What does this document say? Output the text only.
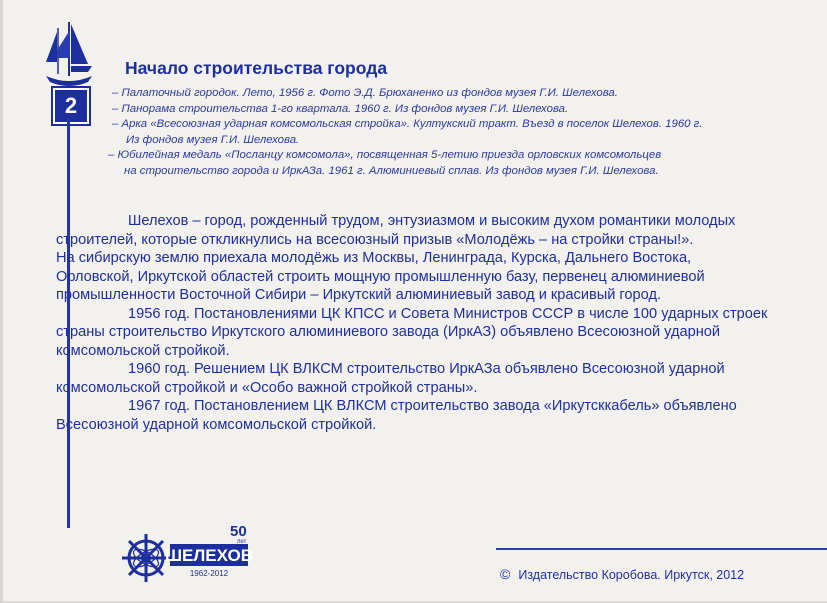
2
Начало строительства города
– Палаточный городок. Лето, 1956 г. Фото Э.Д. Брюханенко из фондов музея Г.И. Шелехова.
– Панорама строительства 1-го квартала. 1960 г. Из фондов музея Г.И. Шелехова.
– Арка «Всесоюзная ударная комсомольская стройка». Култукский тракт. Въезд в поселок Шелехов. 1960 г.
Из фондов музея Г.И. Шелехова.
– Юбилейная медаль «Посланцу комсомола», посвященная 5-летию приезда орловских комсомольцев
на строительство города и ИркАЗа. 1961 г. Алюминиевый сплав. Из фондов музея Г.И. Шелехова.

Шелехов – город, рожденный трудом, энтузиазмом и высоким духом романтики молодых
строителей, которые откликнулись на всесоюзный призыв «Молодёжь – на стройки страны!».
На сибирскую землю приехала молодёжь из Москвы, Ленинграда, Курска, Дальнего Востока,
Орловской, Иркутской областей строить мощную промышленную базу, первенец алюминиевой
промышленности Восточной Сибири – Иркутский алюминиевый завод и красивый город.

1956 год. Постановлениями ЦК КПСС и Совета Министров СССР в числе 100 ударных строек
страны строительство Иркутского алюминиевого завода (ИркАЗ) объявлено Всесоюзной ударной
комсомольской стройкой.

1960 год. Решением ЦК ВЛКСМ строительство ИркАЗа объявлено Всесоюзной ударной
комсомольской стройкой и «Особо важной стройкой страны».

1967 год. Постановлением ЦК ВЛКСМ строительство завода «Иркутсккабель» объявлено
Всесоюзной ударной комсомольской стройкой.

ШЕЛЕХОВ
1962-2012
50
лет
© Издательство Коробова. Иркутск, 2012
